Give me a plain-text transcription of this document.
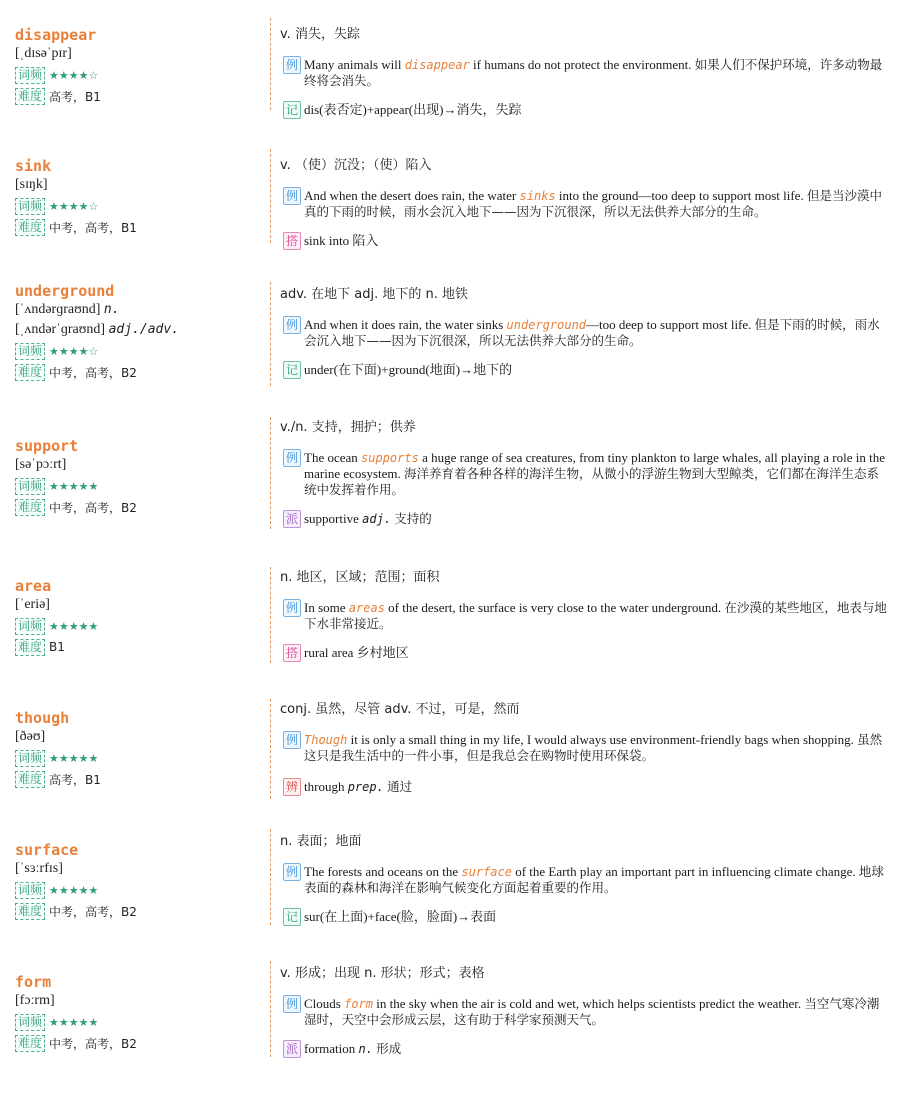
disappear
[ˌdɪsəˈpɪr]
词频 ★★★★☆
难度 高考，B1
v. 消失，失踪
例 Many animals will disappear if humans do not protect the environment. 如果人们不保护环境，许多动物最终将会消失。
记 dis(表否定)+appear(出现)→消失，失踪
sink
[sɪŋk]
词频 ★★★★☆
难度 中考，高考，B1
v. （使）沉没；（使）陷入
例 And when the desert does rain, the water sinks into the ground—too deep to support most life. 但是当沙漠中真的下雨的时候，雨水会沉入地下——因为下沉很深，所以无法供养大部分的生命。
搭 sink into 陷入
underground
[ˈʌndərɡraʊnd] n.
[ˌʌndərˈɡraʊnd] adj./adv.
词频 ★★★★☆
难度 中考，高考，B2
adv. 在地下 adj. 地下的 n. 地铁
例 And when it does rain, the water sinks underground—too deep to support most life. 但是下雨的时候，雨水会沉入地下——因为下沉很深，所以无法供养大部分的生命。
记 under(在下面)+ground(地面)→地下的
support
[səˈpɔːrt]
词频 ★★★★★
难度 中考，高考，B2
v./n. 支持，拥护；供养
例 The ocean supports a huge range of sea creatures, from tiny plankton to large whales, all playing a role in the marine ecosystem. 海洋养育着各种各样的海洋生物，从微小的浮游生物到大型鲸类，它们都在海洋生态系统中发挥着作用。
派 supportive adj. 支持的
area
[ˈeriə]
词频 ★★★★★
难度 B1
n. 地区，区域；范围；面积
例 In some areas of the desert, the surface is very close to the water underground. 在沙漠的某些地区，地表与地下水非常接近。
搭 rural area 乡村地区
though
[ðəʊ]
词频 ★★★★★
难度 高考，B1
conj. 虽然，尽管 adv. 不过，可是，然而
例 Though it is only a small thing in my life, I would always use environment-friendly bags when shopping. 虽然这只是我生活中的一件小事，但是我总会在购物时使用环保袋。
辨 through prep. 通过
surface
[ˈsɜːrfɪs]
词频 ★★★★★
难度 中考，高考，B2
n. 表面；地面
例 The forests and oceans on the surface of the Earth play an important part in influencing climate change. 地球表面的森林和海洋在影响气候变化方面起着重要的作用。
记 sur(在上面)+face(脸，脸面)→表面
form
[fɔːrm]
词频 ★★★★★
难度 中考，高考，B2
v. 形成；出现 n. 形状；形式；表格
例 Clouds form in the sky when the air is cold and wet, which helps scientists predict the weather. 当空气寒冷潮湿时，天空中会形成云层，这有助于科学家预测天气。
派 formation n. 形成
